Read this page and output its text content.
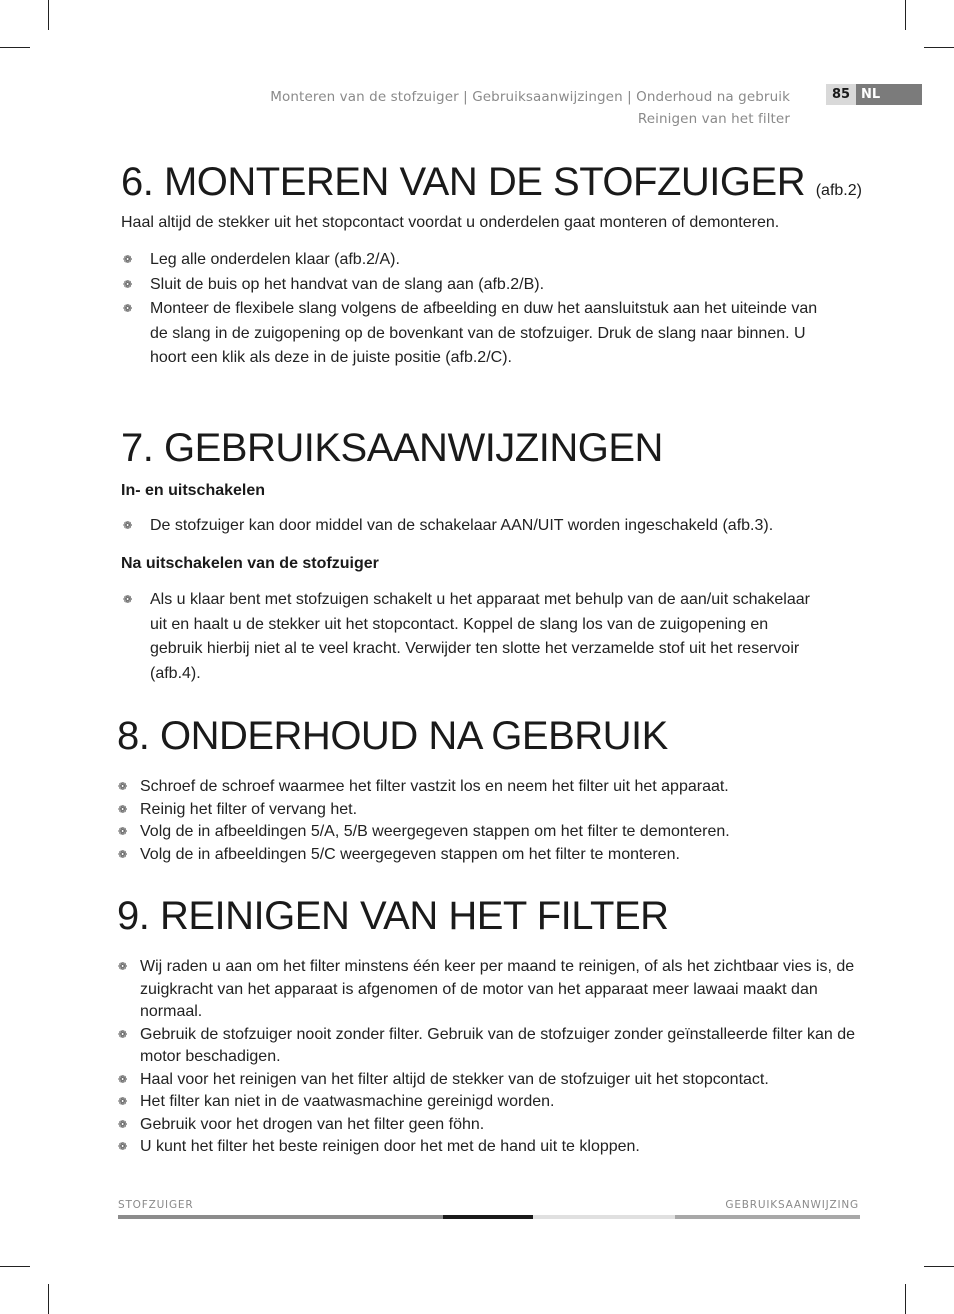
Monteren van de stofzuiger | Gebruiksaanwijzingen | Onderhoud na gebruik
Reinigen van het filter
85 NL
6. MONTEREN VAN DE STOFZUIGER (afb.2)

Haal altijd de stekker uit het stopcontact voordat u onderdelen gaat monteren of demonteren.

❁ Leg alle onderdelen klaar (afb.2/A).
❁ Sluit de buis op het handvat van de slang aan (afb.2/B).
❁ Monteer de flexibele slang volgens de afbeelding en duw het aansluitstuk aan het uiteinde van de slang in de zuigopening op de bovenkant van de stofzuiger. Druk de slang naar binnen. U hoort een klik als deze in de juiste positie (afb.2/C).
7. GEBRUIKSAANWIJZINGEN

In- en uitschakelen

❁ De stofzuiger kan door middel van de schakelaar AAN/UIT worden ingeschakeld (afb.3).

Na uitschakelen van de stofzuiger

❁ Als u klaar bent met stofzuigen schakelt u het apparaat met behulp van de aan/uit schakelaar uit en haalt u de stekker uit het stopcontact. Koppel de slang los van de zuigopening en gebruik hierbij niet al te veel kracht. Verwijder ten slotte het verzamelde stof uit het reservoir (afb.4).
8. ONDERHOUD NA GEBRUIK
❁ Schroef de schroef waarmee het filter vastzit los en neem het filter uit het apparaat.
❁ Reinig het filter of vervang het.
❁ Volg de in afbeeldingen 5/A, 5/B weergegeven stappen om het filter te demonteren.
❁ Volg de in afbeeldingen 5/C weergegeven stappen om het filter te monteren.
9. REINIGEN VAN HET FILTER
❁ Wij raden u aan om het filter minstens één keer per maand te reinigen, of als het zichtbaar vies is, de zuigkracht van het apparaat is afgenomen of de motor van het apparaat meer lawaai maakt dan normaal.
❁ Gebruik de stofzuiger nooit zonder filter. Gebruik van de stofzuiger zonder geïnstalleerde filter kan de motor beschadigen.
❁ Haal voor het reinigen van het filter altijd de stekker van de stofzuiger uit het stopcontact.
❁ Het filter kan niet in de vaatwasmachine gereinigd worden.
❁ Gebruik voor het drogen van het filter geen föhn.
❁ U kunt het filter het beste reinigen door het met de hand uit te kloppen.
STOFZUIGER	GEBRUIKSAANWIJZING
